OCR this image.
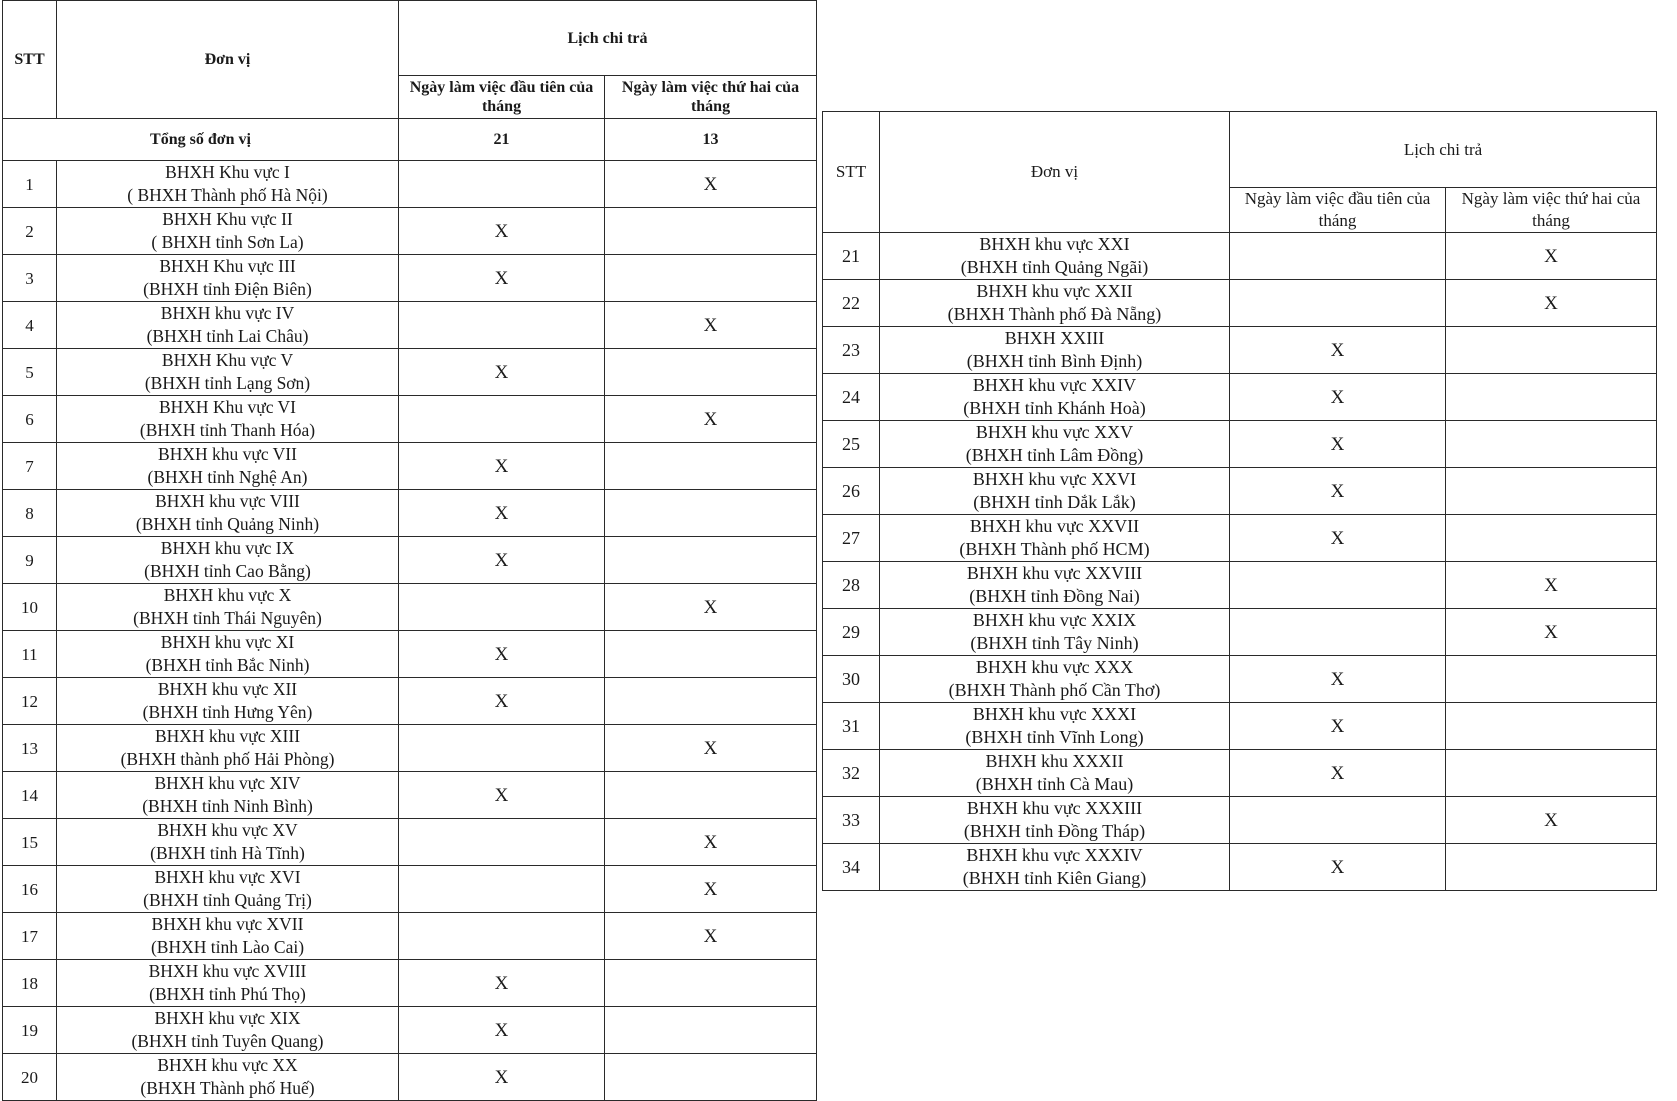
STT	Đơn vị	Lịch chi trả	
		Ngày làm việc đầu tiên của tháng	Ngày làm việc thứ hai của tháng
Tổng số đơn vị		21	13
1	BHXH Khu vực I
( BHXH Thành phố Hà Nội)		X
2	BHXH Khu vực II
( BHXH tỉnh Sơn La)	X	
3	BHXH Khu vực III
(BHXH tỉnh Điện Biên)	X	
4	BHXH khu vực IV
(BHXH tỉnh Lai Châu)		X
5	BHXH Khu vực V
(BHXH tỉnh Lạng Sơn)	X	
6	BHXH Khu vực VI
(BHXH tỉnh Thanh Hóa)		X
7	BHXH khu vực VII
(BHXH tỉnh Nghệ An)	X	
8	BHXH khu vực VIII
(BHXH tỉnh Quảng Ninh)	X	
9	BHXH khu vực IX
(BHXH tỉnh Cao Bằng)	X	
10	BHXH khu vực X
(BHXH tỉnh Thái Nguyên)		X
11	BHXH khu vực XI
(BHXH tỉnh Bắc Ninh)	X	
12	BHXH khu vực XII
(BHXH tỉnh Hưng Yên)	X	
13	BHXH khu vực XIII
(BHXH thành phố Hải Phòng)		X
14	BHXH khu vực XIV
(BHXH tỉnh Ninh Bình)	X	
15	BHXH khu vực XV
(BHXH tỉnh Hà Tĩnh)		X
16	BHXH khu vực XVI
(BHXH tỉnh Quảng Trị)		X
17	BHXH khu vực XVII
(BHXH tỉnh Lào Cai)		X
18	BHXH khu vực XVIII
(BHXH tỉnh Phú Thọ)	X	
19	BHXH khu vực XIX
(BHXH tỉnh Tuyên Quang)	X	
20	BHXH khu vực XX
(BHXH Thành phố Huế)	X	
STT	Đơn vị	Lịch chi trả	
		Ngày làm việc đầu tiên của tháng	Ngày làm việc thứ hai của tháng
21	BHXH khu vực XXI
(BHXH tỉnh Quảng Ngãi)		X
22	BHXH khu vực XXII
(BHXH Thành phố Đà Nẵng)		X
23	BHXH XXIII
(BHXH tỉnh Bình Định)	X	
24	BHXH khu vực XXIV
(BHXH tỉnh Khánh Hoà)	X	
25	BHXH khu vực XXV
(BHXH tỉnh Lâm Đồng)	X	
26	BHXH khu vực XXVI
(BHXH tỉnh Dắk Lắk)	X	
27	BHXH khu vực XXVII
(BHXH Thành phố HCM)	X	
28	BHXH khu vực XXVIII
(BHXH tỉnh Đồng Nai)		X
29	BHXH khu vực XXIX
(BHXH tỉnh Tây Ninh)		X
30	BHXH khu vực XXX
(BHXH Thành phố Cần Thơ)	X	
31	BHXH khu vực XXXI
(BHXH tỉnh Vĩnh Long)	X	
32	BHXH khu XXXII
(BHXH tỉnh Cà Mau)	X	
33	BHXH khu vực XXXIII
(BHXH tỉnh Đồng Tháp)		X
34	BHXH khu vực XXXIV
(BHXH tỉnh Kiên Giang)	X	
